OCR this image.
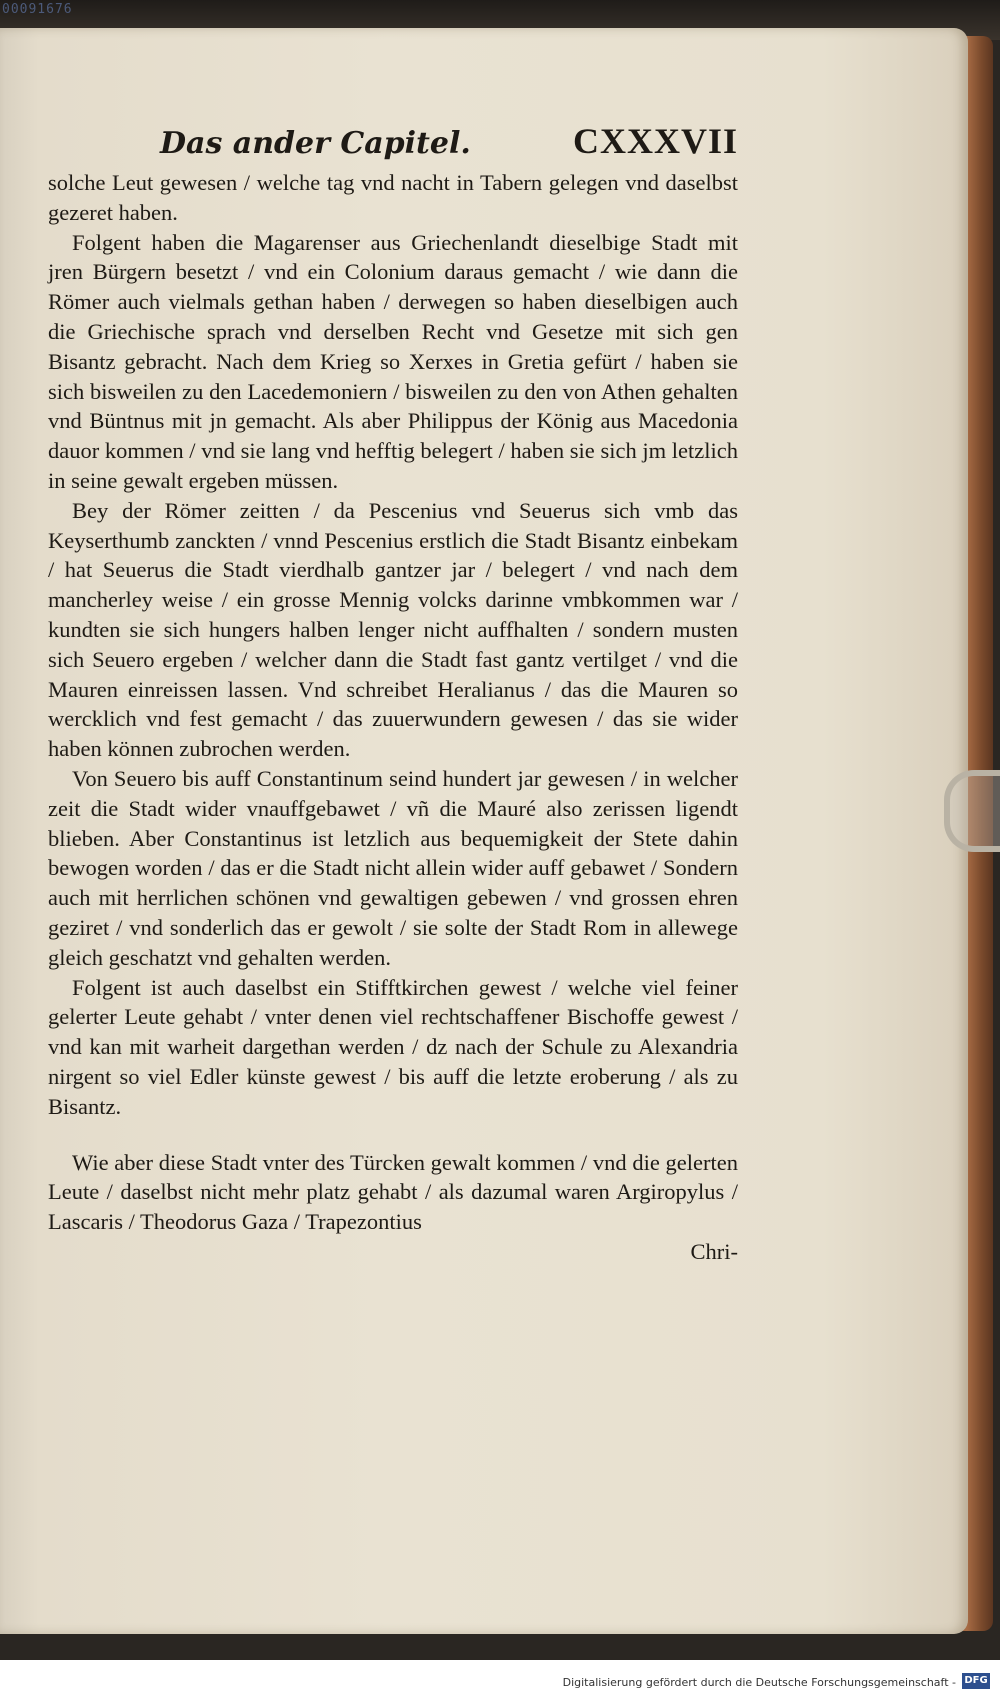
00091676
Das ander Capitel.	CXXXVII

solche Leut gewesen / welche tag vnd nacht in Tabern gelegen vnd daselbst gezeret haben.

Folgent haben die Magarenser aus Griechenlandt dieselbige Stadt mit jren Bürgern besetzt / vnd ein Colonium daraus gemacht / wie dann die Römer auch vielmals gethan haben / derwegen so haben dieselbigen auch die Griechische sprach vnd derselben Recht vnd Gesetze mit sich gen Bisantz gebracht. Nach dem Krieg so Xerxes in Gretia gefürt / haben sie sich bisweilen zu den Lacedemoniern / bisweilen zu den von Athen gehalten vnd Büntnus mit jn gemacht. Als aber Philippus der König aus Macedonia dauor kommen / vnd sie lang vnd hefftig belegert / haben sie sich jm letzlich in seine gewalt ergeben müssen.

Bey der Römer zeitten / da Pescenius vnd Seuerus sich vmb das Keyserthumb zanckten / vnnd Pescenius erstlich die Stadt Bisantz einbekam / hat Seuerus die Stadt vierdhalb gantzer jar / belegert / vnd nach dem mancherley weise / ein grosse Mennig volcks darinne vmbkommen war / kundten sie sich hungers halben lenger nicht auffhalten / sondern musten sich Seuero ergeben / welcher dann die Stadt fast gantz vertilget / vnd die Mauren einreissen lassen. Vnd schreibet Heralianus / das die Mauren so wercklich vnd fest gemacht / das zuuerwundern gewesen / das sie wider haben können zubrochen werden.

Von Seuero bis auff Constantinum seind hundert jar gewesen / in welcher zeit die Stadt wider vnauffgebawet / vñ die Mauré also zerissen ligendt blieben. Aber Constantinus ist letzlich aus bequemigkeit der Stete dahin bewogen worden / das er die Stadt nicht allein wider auff gebawet / Sondern auch mit herrlichen schönen vnd gewaltigen gebewen / vnd grossen ehren geziret / vnd sonderlich das er gewolt / sie solte der Stadt Rom in allewege gleich geschatzt vnd gehalten werden.

Folgent ist auch daselbst ein Stifftkirchen gewest / welche viel feiner gelerter Leute gehabt / vnter denen viel rechtschaffener Bischoffe gewest / vnd kan mit warheit dargethan werden / dz nach der Schule zu Alexandria nirgent so viel Edler künste gewest / bis auff die letzte eroberung / als zu Bisantz.

Wie aber diese Stadt vnter des Türcken gewalt kommen / vnd die gelerten Leute / daselbst nicht mehr platz gehabt / als dazumal waren Argiropylus / Lascaris / Theodorus Gaza / Trapezontius

Chri-
Digitalisierung gefördert durch die Deutsche Forschungsgemeinschaft - DFG
